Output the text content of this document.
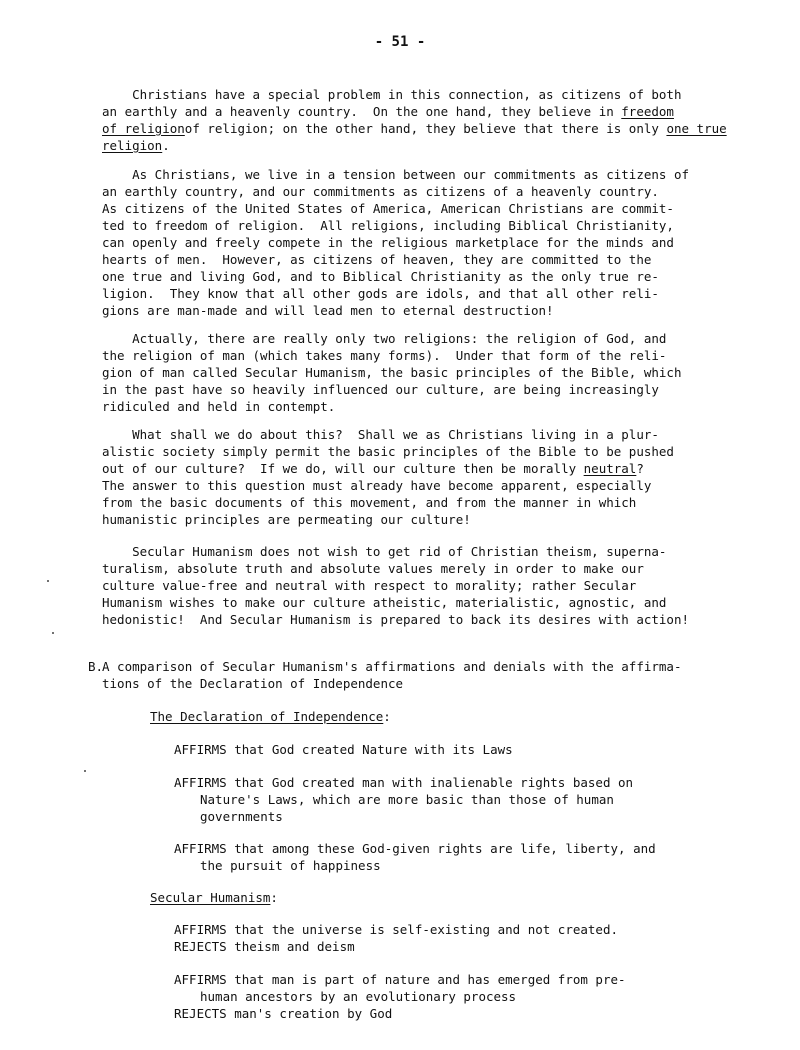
- 51 -
Christians have a special problem in this connection, as citizens of both
an earthly and a heavenly country.  On the one hand, they believe in freedom
of religionof religion; on the other hand, they believe that there is only one true
religion.
As Christians, we live in a tension between our commitments as citizens of
an earthly country, and our commitments as citizens of a heavenly country.
As citizens of the United States of America, American Christians are commit-
ted to freedom of religion.  All religions, including Biblical Christianity,
can openly and freely compete in the religious marketplace for the minds and
hearts of men.  However, as citizens of heaven, they are committed to the
one true and living God, and to Biblical Christianity as the only true re-
ligion.  They know that all other gods are idols, and that all other reli-
gions are man-made and will lead men to eternal destruction!
Actually, there are really only two religions: the religion of God, and
the religion of man (which takes many forms).  Under that form of the reli-
gion of man called Secular Humanism, the basic principles of the Bible, which
in the past have so heavily influenced our culture, are being increasingly
ridiculed and held in contempt.
What shall we do about this?  Shall we as Christians living in a plur-
alistic society simply permit the basic principles of the Bible to be pushed
out of our culture?  If we do, will our culture then be morally neutral?
The answer to this question must already have become apparent, especially
from the basic documents of this movement, and from the manner in which
humanistic principles are permeating our culture!
Secular Humanism does not wish to get rid of Christian theism, superna-
turalism, absolute truth and absolute values merely in order to make our
culture value-free and neutral with respect to morality; rather Secular
Humanism wishes to make our culture atheistic, materialistic, agnostic, and
hedonistic!  And Secular Humanism is prepared to back its desires with action!
B.
A comparison of Secular Humanism's affirmations and denials with the affirma-
tions of the Declaration of Independence
The Declaration of Independence:
AFFIRMS that God created Nature with its Laws
AFFIRMS that God created man with inalienable rights based on
Nature's Laws, which are more basic than those of human
governments
AFFIRMS that among these God-given rights are life, liberty, and
the pursuit of happiness
Secular Humanism:
AFFIRMS that the universe is self-existing and not created.
REJECTS theism and deism
AFFIRMS that man is part of nature and has emerged from pre-
human ancestors by an evolutionary process
REJECTS man's creation by God
